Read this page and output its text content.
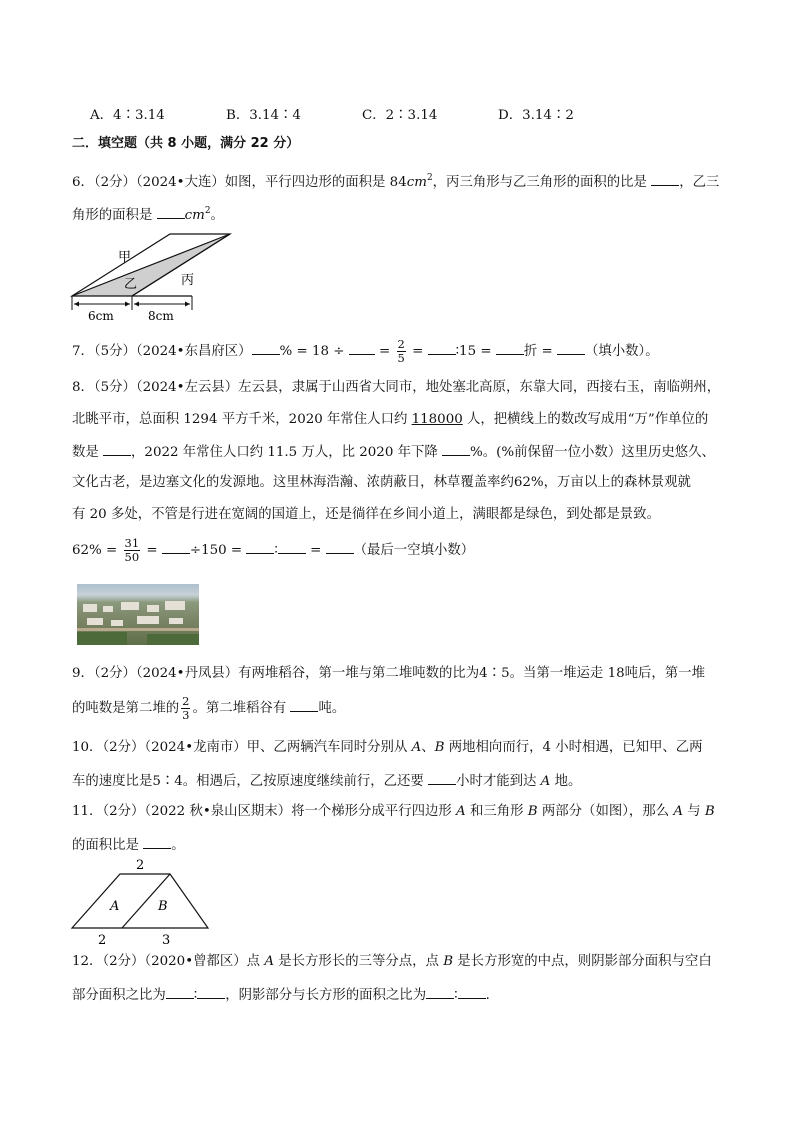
A．4∶3.14	B．3.14∶4	C．2∶3.14	D．3.14∶2
二．填空题（共 8 小题，满分 22 分）
6．（2分）（2024•大连）如图，平行四边形的面积是 $84cm^2$，丙三角形与乙三角形的面积的比是 ，乙三
角形的面积是 $cm^2$。
甲
乙	丙
6cm	8cm
7．（5分）（2024•东昌府区） % = 18 ÷  = $\frac{2}{5}$ = ∶15 = 折 = （填小数）。
8．（5分）（2024•左云县）左云县，隶属于山西省大同市，地处塞北高原，东靠大同，西接右玉，南临朔州，
北眺平市，总面积 1294 平方千米，2020 年常住人口约 118000 人，把横线上的数改写成用“万”作单位的
数是 ，2022 年常住人口约 11.5 万人，比 2020 年下降 %。(%前保留一位小数）这里历史悠久、
文化古老，是边塞文化的发源地。这里林海浩瀚、浓荫蔽日，林草覆盖率约62%，万亩以上的森林景观就
有 20 多处，不管是行进在宽阔的国道上，还是徜徉在乡间小道上，满眼都是绿色，到处都是景致。
$62\% = \frac{31}{50} = \div 150$ = ∶ = （最后一空填小数）
9．（2分）（2024•丹凤县）有两堆稻谷，第一堆与第二堆吨数的比为4∶5。当第一堆运走 18吨后，第一堆
的吨数是第二堆的 $\frac{2}{3}$ 。第二堆稻谷有 吨。
10．（2分）（2024•龙南市）甲、乙两辆汽车同时分别从 A、B 两地相向而行，4 小时相遇，已知甲、乙两
车的速度比是5∶4。相遇后，乙按原速度继续前行，乙还要 小时才能到达 A 地。
11．（2分）（2022 秋•泉山区期末）将一个梯形分成平行四边形 A 和三角形 B 两部分（如图），那么 A 与 B
的面积比是 。
2
A	B
2	3
12．（2分）（2020•曾都区）点 A 是长方形长的三等分点，点 B 是长方形宽的中点，则阴影部分面积与空白
部分面积之比为 ∶ ，阴影部分与长方形的面积之比为 ∶ ．
